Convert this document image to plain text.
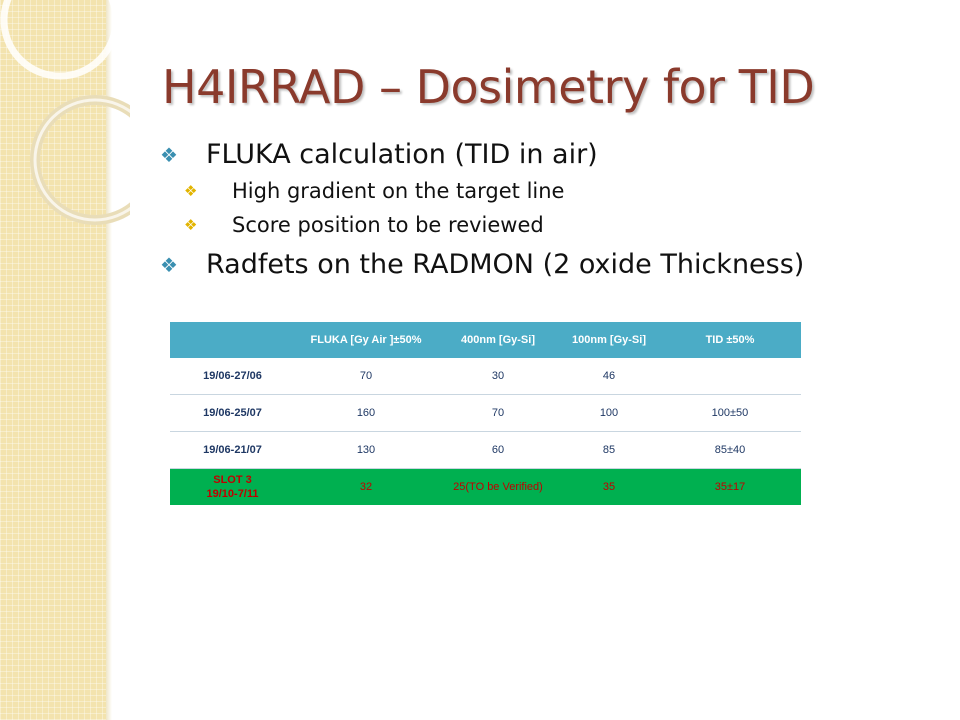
H4IRRAD – Dosimetry for TID
❖ FLUKA calculation (TID in air)
❖ High gradient on the target line
❖ Score position to be reviewed
❖ Radfets on the RADMON (2 oxide Thickness)
	FLUKA [Gy Air ]±50%	400nm [Gy-Si]	100nm [Gy-Si]	TID ±50%
19/06-27/06	70	30	46	
19/06-25/07	160	70	100	100±50
19/06-21/07	130	60	85	85±40

SLOT 3
19/10-7/11	32	25(TO be Verified)	35	35±17
